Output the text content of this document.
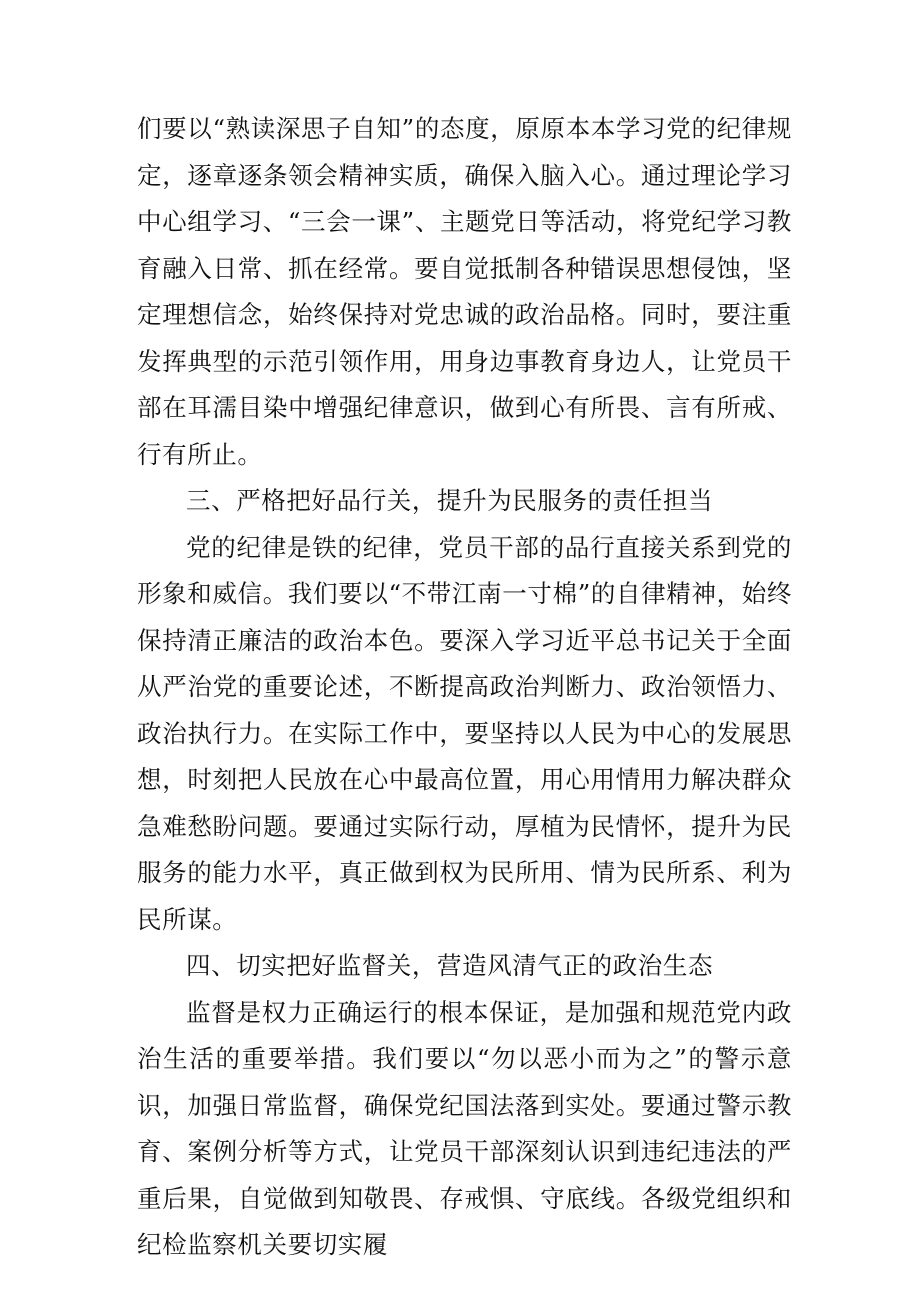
们要以“熟读深思子自知”的态度，原原本本学习党的纪律规定，逐章逐条领会精神实质，确保入脑入心。通过理论学习中心组学习、“三会一课”、主题党日等活动，将党纪学习教育融入日常、抓在经常。要自觉抵制各种错误思想侵蚀，坚定理想信念，始终保持对党忠诚的政治品格。同时，要注重发挥典型的示范引领作用，用身边事教育身边人，让党员干部在耳濡目染中增强纪律意识，做到心有所畏、言有所戒、行有所止。

三、严格把好品行关，提升为民服务的责任担当

党的纪律是铁的纪律，党员干部的品行直接关系到党的形象和威信。我们要以“不带江南一寸棉”的自律精神，始终保持清正廉洁的政治本色。要深入学习近平总书记关于全面从严治党的重要论述，不断提高政治判断力、政治领悟力、政治执行力。在实际工作中，要坚持以人民为中心的发展思想，时刻把人民放在心中最高位置，用心用情用力解决群众急难愁盼问题。要通过实际行动，厚植为民情怀，提升为民服务的能力水平，真正做到权为民所用、情为民所系、利为民所谋。

四、切实把好监督关，营造风清气正的政治生态

监督是权力正确运行的根本保证，是加强和规范党内政治生活的重要举措。我们要以“勿以恶小而为之”的警示意识，加强日常监督，确保党纪国法落到实处。要通过警示教育、案例分析等方式，让党员干部深刻认识到违纪违法的严重后果，自觉做到知敬畏、存戒惧、守底线。各级党组织和纪检监察机关要切实履
